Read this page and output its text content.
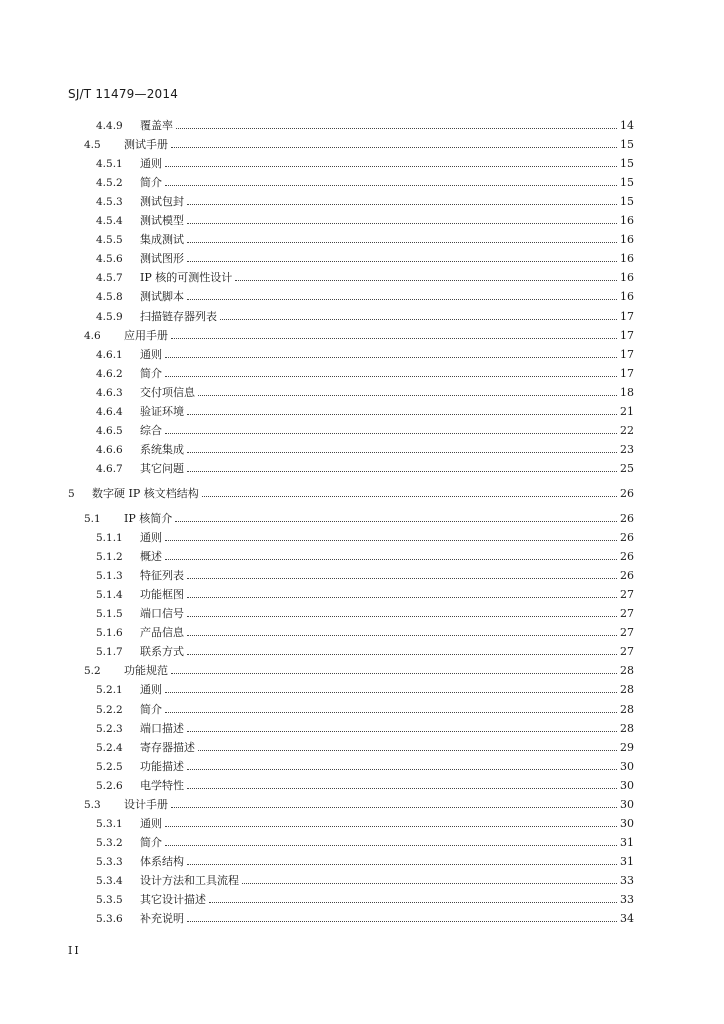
SJ/T 11479—2014
4.4.9	覆盖率	14
4.5	测试手册	15
4.5.1	通则	15
4.5.2	简介	15
4.5.3	测试包封	15
4.5.4	测试模型	16
4.5.5	集成测试	16
4.5.6	测试图形	16
4.5.7	IP 核的可测性设计	16
4.5.8	测试脚本	16
4.5.9	扫描链存器列表	17
4.6	应用手册	17
4.6.1	通则	17
4.6.2	简介	17
4.6.3	交付项信息	18
4.6.4	验证环境	21
4.6.5	综合	22
4.6.6	系统集成	23
4.6.7	其它问题	25
5	数字硬 IP 核文档结构	26
5.1	IP 核简介	26
5.1.1	通则	26
5.1.2	概述	26
5.1.3	特征列表	26
5.1.4	功能框图	27
5.1.5	端口信号	27
5.1.6	产品信息	27
5.1.7	联系方式	27
5.2	功能规范	28
5.2.1	通则	28
5.2.2	简介	28
5.2.3	端口描述	28
5.2.4	寄存器描述	29
5.2.5	功能描述	30
5.2.6	电学特性	30
5.3	设计手册	30
5.3.1	通则	30
5.3.2	简介	31
5.3.3	体系结构	31
5.3.4	设计方法和工具流程	33
5.3.5	其它设计描述	33
5.3.6	补充说明	34
II
